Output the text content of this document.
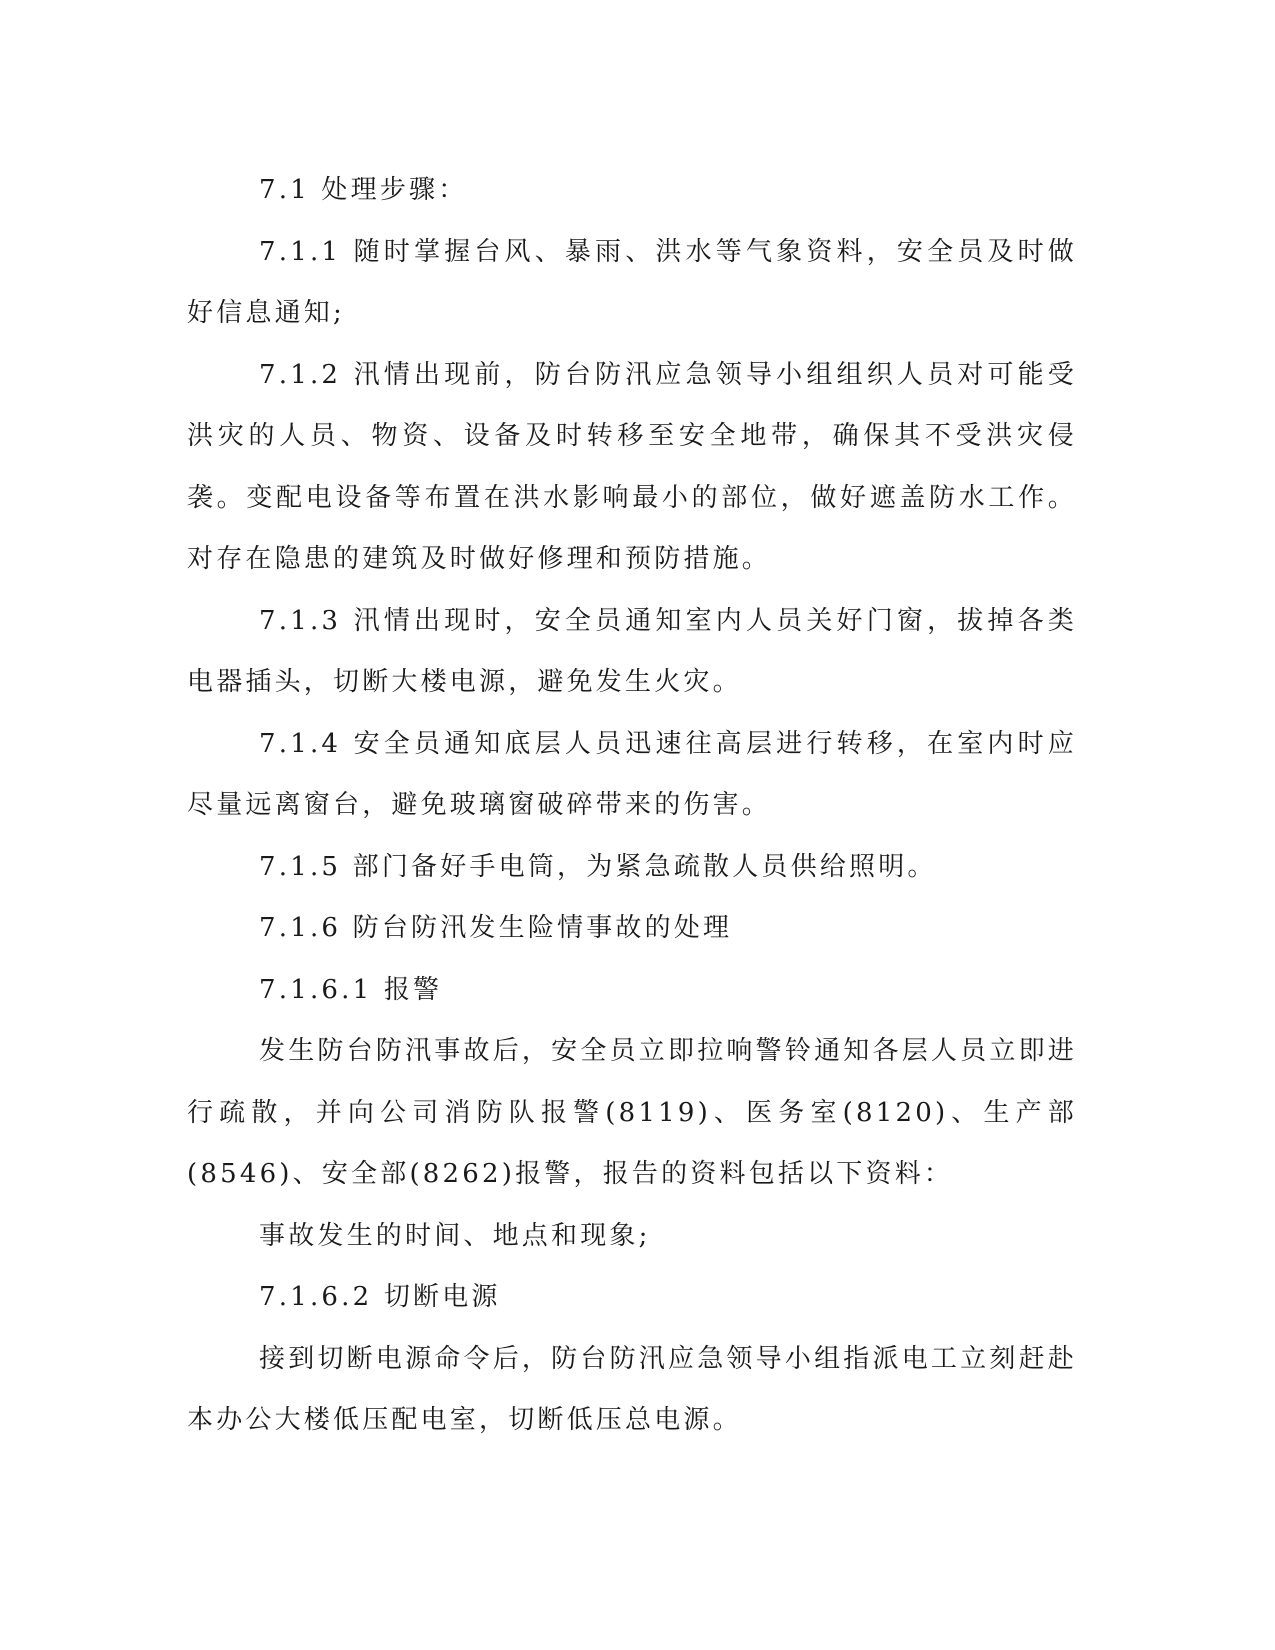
7.1 处理步骤：

7.1.1 随时掌握台风、暴雨、洪水等气象资料，安全员及时做好信息通知;

7.1.2 汛情出现前，防台防汛应急领导小组组织人员对可能受洪灾的人员、物资、设备及时转移至安全地带，确保其不受洪灾侵袭。变配电设备等布置在洪水影响最小的部位，做好遮盖防水工作。对存在隐患的建筑及时做好修理和预防措施。

7.1.3 汛情出现时，安全员通知室内人员关好门窗，拔掉各类电器插头，切断大楼电源，避免发生火灾。

7.1.4 安全员通知底层人员迅速往高层进行转移，在室内时应尽量远离窗台，避免玻璃窗破碎带来的伤害。

7.1.5 部门备好手电筒，为紧急疏散人员供给照明。

7.1.6 防台防汛发生险情事故的处理

7.1.6.1 报警

发生防台防汛事故后，安全员立即拉响警铃通知各层人员立即进行疏散，并向公司消防队报警(8119)、医务室(8120)、生产部(8546)、安全部(8262)报警，报告的资料包括以下资料：

事故发生的时间、地点和现象;

7.1.6.2 切断电源

接到切断电源命令后，防台防汛应急领导小组指派电工立刻赶赴本办公大楼低压配电室，切断低压总电源。
